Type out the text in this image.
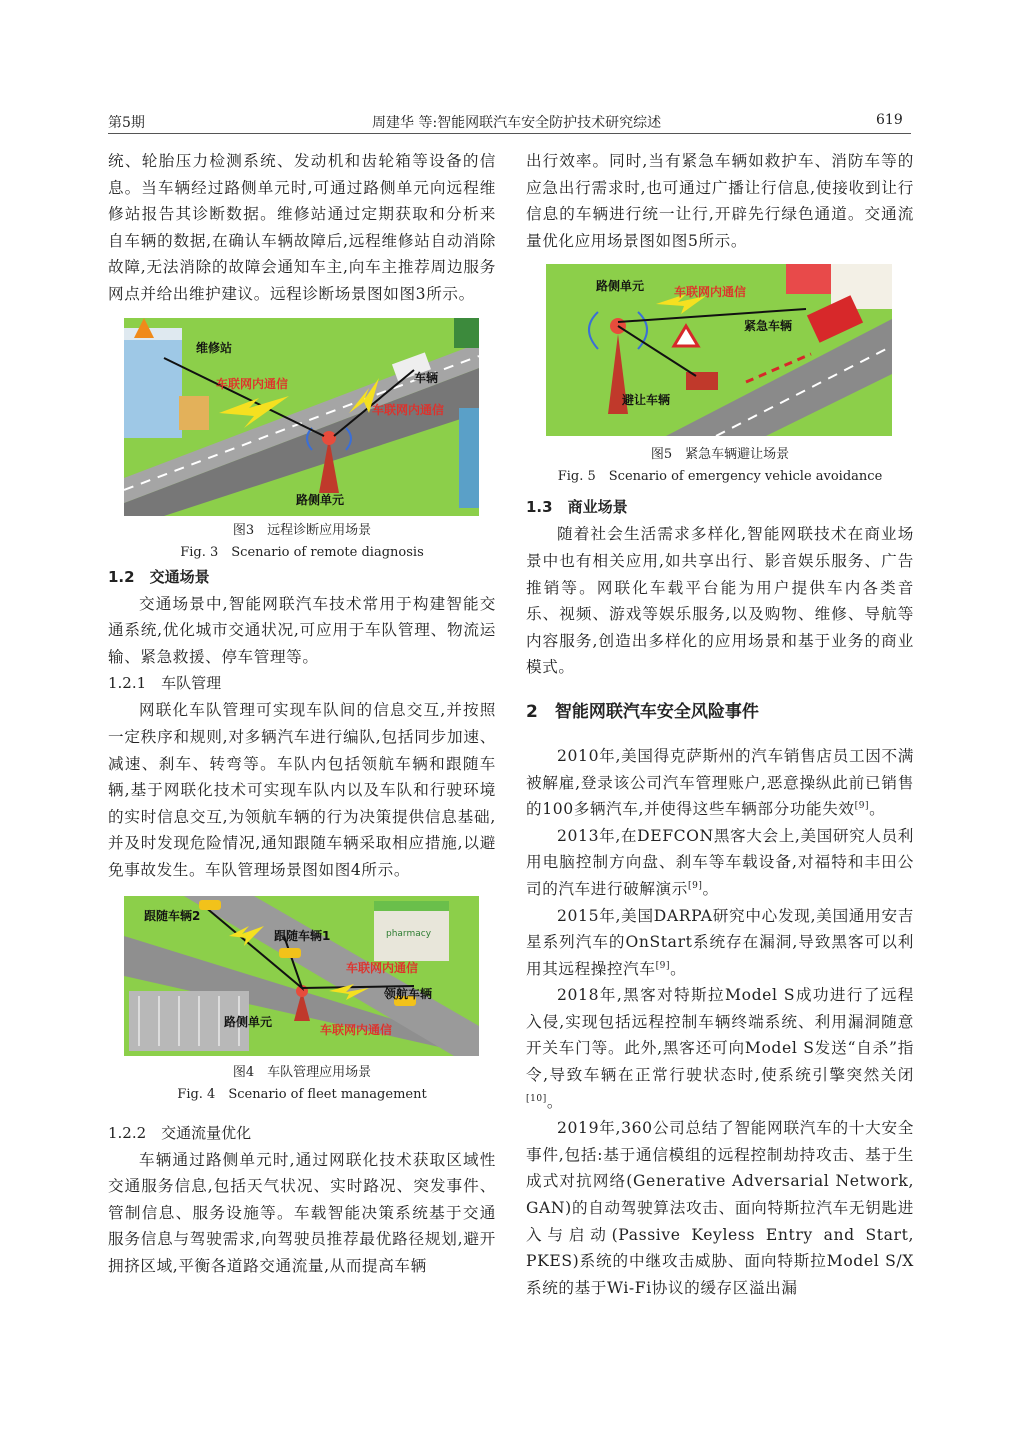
第5期	周建华 等:智能网联汽车安全防护技术研究综述	619

统、轮胎压力检测系统、发动机和齿轮箱等设备的信息。当车辆经过路侧单元时,可通过路侧单元向远程维修站报告其诊断数据。维修站通过定期获取和分析来自车辆的数据,在确认车辆故障后,远程维修站自动消除故障,无法消除的故障会通知车主,向车主推荐周边服务网点并给出维护建议。远程诊断场景图如图3所示。

维修站
车联网内通信	车辆
车联网内通信
路侧单元

图3　远程诊断应用场景

Fig. 3　Scenario of remote diagnosis

1.2　交通场景

交通场景中,智能网联汽车技术常用于构建智能交通系统,优化城市交通状况,可应用于车队管理、物流运输、紧急救援、停车管理等。

1.2.1　车队管理

网联化车队管理可实现车队间的信息交互,并按照一定秩序和规则,对多辆汽车进行编队,包括同步加速、减速、刹车、转弯等。车队内包括领航车辆和跟随车辆,基于网联化技术可实现车队内以及车队和行驶环境的实时信息交互,为领航车辆的行为决策提供信息基础,并及时发现危险情况,通知跟随车辆采取相应措施,以避免事故发生。车队管理场景图如图4所示。

pharmacy
跟随车辆2
跟随车辆1
车联网内通信
领航车辆
路侧单元
车联网内通信

图4　车队管理应用场景

Fig. 4　Scenario of fleet management

1.2.2　交通流量优化

车辆通过路侧单元时,通过网联化技术获取区域性交通服务信息,包括天气状况、实时路况、突发事件、管制信息、服务设施等。车载智能决策系统基于交通服务信息与驾驶需求,向驾驶员推荐最优路径规划,避开拥挤区域,平衡各道路交通流量,从而提高车辆

出行效率。同时,当有紧急车辆如救护车、消防车等的应急出行需求时,也可通过广播让行信息,使接收到让行信息的车辆进行统一让行,开辟先行绿色通道。交通流量优化应用场景图如图5所示。

路侧单元 车联网内通信
紧急车辆
避让车辆

图5　紧急车辆避让场景

Fig. 5　Scenario of emergency vehicle avoidance

1.3　商业场景

随着社会生活需求多样化,智能网联技术在商业场景中也有相关应用,如共享出行、影音娱乐服务、广告推销等。网联化车载平台能为用户提供车内各类音乐、视频、游戏等娱乐服务,以及购物、维修、导航等内容服务,创造出多样化的应用场景和基于业务的商业模式。

2　智能网联汽车安全风险事件

2010年,美国得克萨斯州的汽车销售店员工因不满被解雇,登录该公司汽车管理账户,恶意操纵此前已销售的100多辆汽车,并使得这些车辆部分功能失效[9]。

2013年,在DEFCON黑客大会上,美国研究人员利用电脑控制方向盘、刹车等车载设备,对福特和丰田公司的汽车进行破解演示[9]。

2015年,美国DARPA研究中心发现,美国通用安吉星系列汽车的OnStart系统存在漏洞,导致黑客可以利用其远程操控汽车[9]。

2018年,黑客对特斯拉Model S成功进行了远程入侵,实现包括远程控制车辆终端系统、利用漏洞随意开关车门等。此外,黑客还可向Model S发送“自杀”指令,导致车辆在正常行驶状态时,使系统引擎突然关闭[10]。

2019年,360公司总结了智能网联汽车的十大安全事件,包括:基于通信模组的远程控制劫持攻击、基于生成式对抗网络(Generative Adversarial Network, GAN)的自动驾驶算法攻击、面向特斯拉汽车无钥匙进入与启动(Passive Keyless Entry and Start, PKES)系统的中继攻击威胁、面向特斯拉Model S/X系统的基于Wi-Fi协议的缓存区溢出漏
